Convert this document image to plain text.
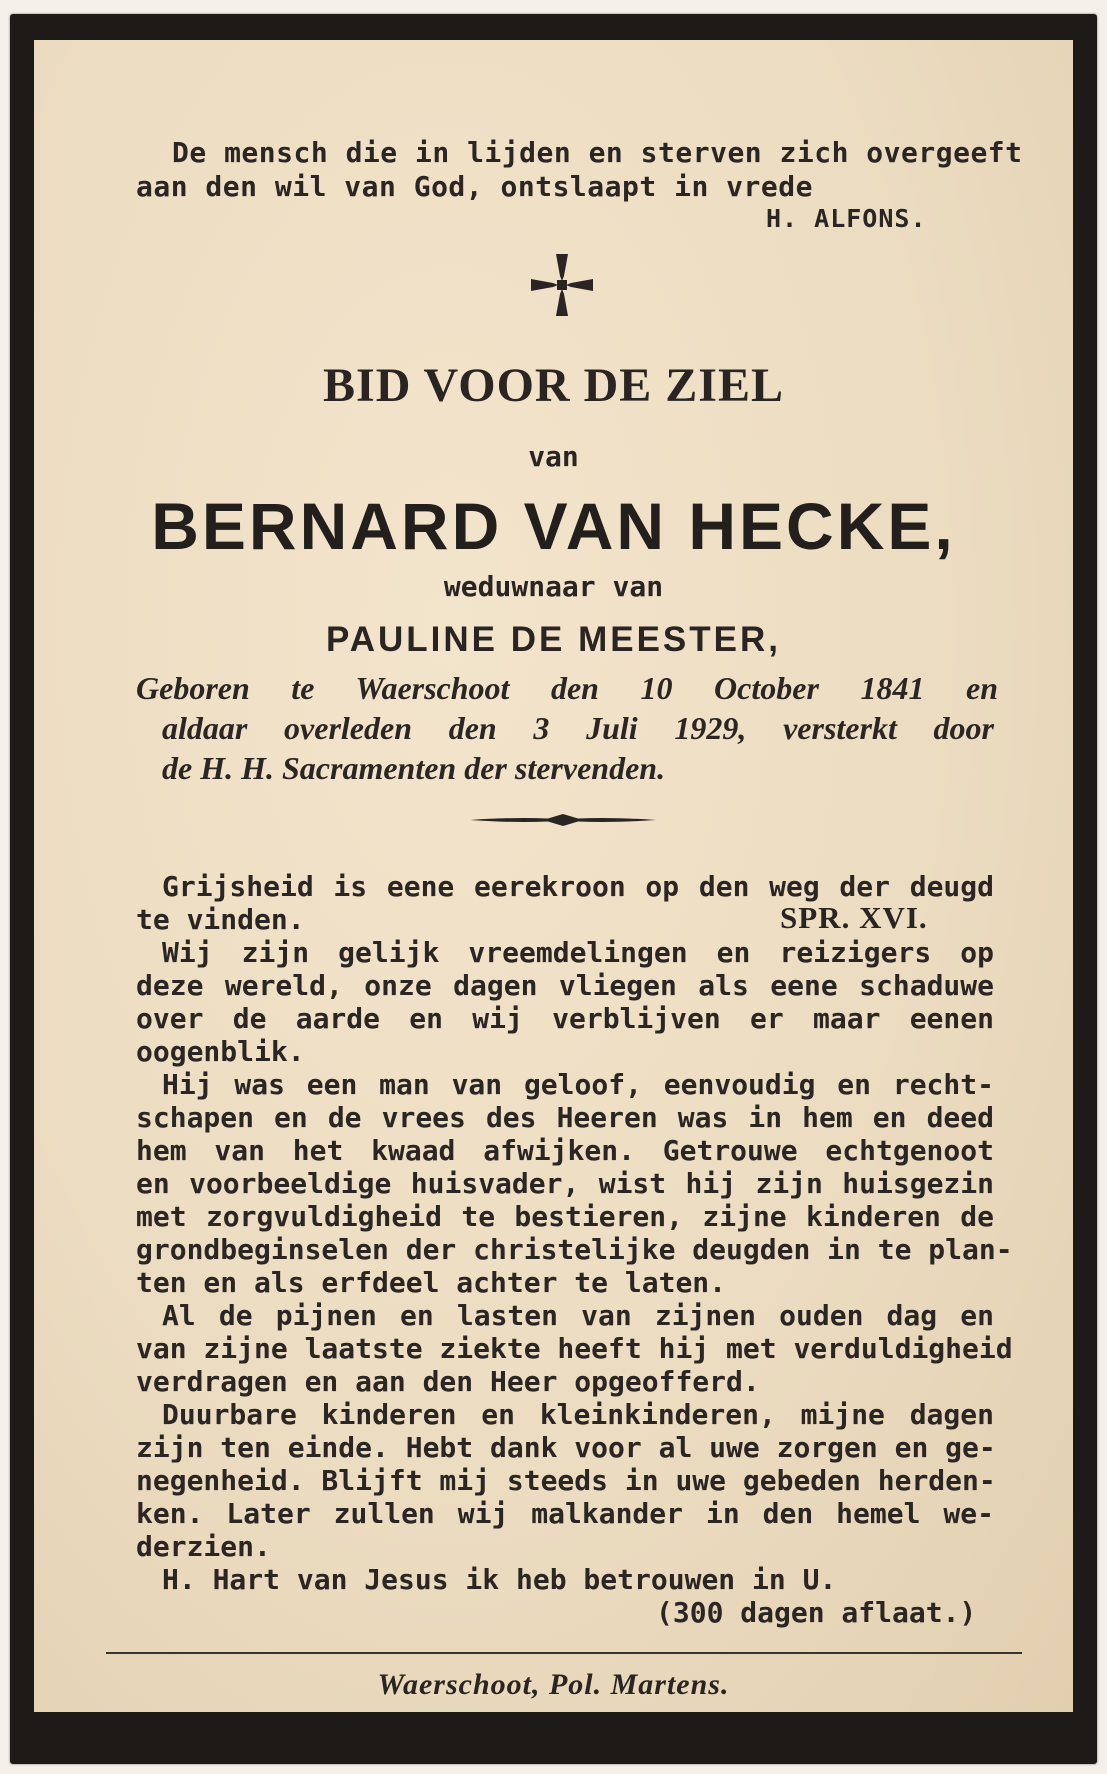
De mensch die in lijden en sterven zich overgeeft

aan den wil van God, ontslaapt in vrede

H. ALFONS.

BID VOOR DE ZIEL

van

BERNARD VAN HECKE,

weduwnaar van

PAULINE DE MEESTER,

Geboren te Waerschoot den 10 October 1841 en

aldaar overleden den 3 Juli 1929, versterkt door

de H. H. Sacramenten der stervenden.

Grijsheid is eene eerekroon op den weg der deugd

te vinden.	SPR. XVI.

Wij zijn gelijk vreemdelingen en reizigers op

deze wereld, onze dagen vliegen als eene schaduwe

over de aarde en wij verblijven er maar eenen

oogenblik.

Hij was een man van geloof, eenvoudig en recht-

schapen en de vrees des Heeren was in hem en deed

hem van het kwaad afwijken. Getrouwe echtgenoot

en voorbeeldige huisvader, wist hij zijn huisgezin

met zorgvuldigheid te bestieren, zijne kinderen de

grondbeginselen der christelijke deugden in te plan-

ten en als erfdeel achter te laten.

Al de pijnen en lasten van zijnen ouden dag en

van zijne laatste ziekte heeft hij met verduldigheid

verdragen en aan den Heer opgeofferd.

Duurbare kinderen en kleinkinderen, mijne dagen

zijn ten einde. Hebt dank voor al uwe zorgen en ge-

negenheid. Blijft mij steeds in uwe gebeden herden-

ken. Later zullen wij malkander in den hemel we-

derzien.

H. Hart van Jesus ik heb betrouwen in U.

(300 dagen aflaat.)

Waerschoot, Pol. Martens.
